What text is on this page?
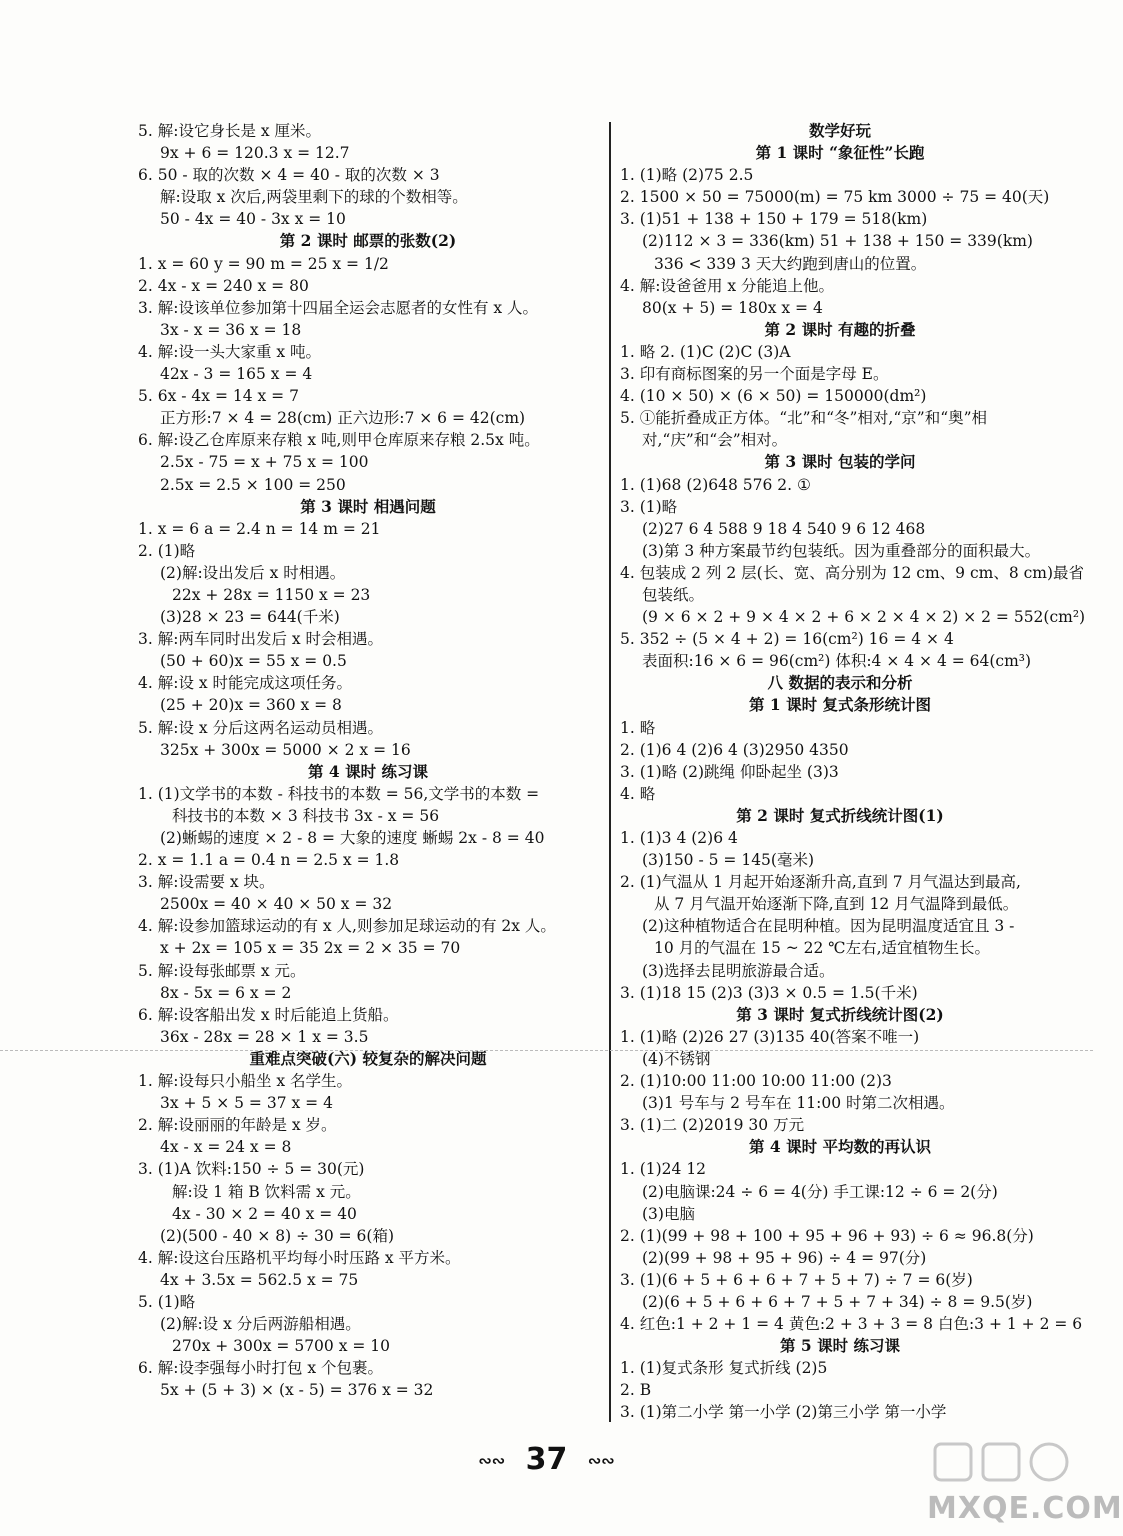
5. 解:设它身长是 x 厘米。
9x + 6 = 120.3 x = 12.7
6. 50 - 取的次数 × 4 = 40 - 取的次数 × 3
解:设取 x 次后,两袋里剩下的球的个数相等。
50 - 4x = 40 - 3x x = 10
第 2 课时 邮票的张数(2)
1. x = 60 y = 90 m = 25 x = 1/2
2. 4x - x = 240 x = 80
3. 解:设该单位参加第十四届全运会志愿者的女性有 x 人。
3x - x = 36 x = 18
4. 解:设一头大家重 x 吨。
42x - 3 = 165 x = 4
5. 6x - 4x = 14 x = 7
正方形:7 × 4 = 28(cm) 正六边形:7 × 6 = 42(cm)
6. 解:设乙仓库原来存粮 x 吨,则甲仓库原来存粮 2.5x 吨。
2.5x - 75 = x + 75 x = 100
2.5x = 2.5 × 100 = 250
第 3 课时 相遇问题
1. x = 6 a = 2.4 n = 14 m = 21
2. (1)略
(2)解:设出发后 x 时相遇。
22x + 28x = 1150 x = 23
(3)28 × 23 = 644(千米)
3. 解:两车同时出发后 x 时会相遇。
(50 + 60)x = 55 x = 0.5
4. 解:设 x 时能完成这项任务。
(25 + 20)x = 360 x = 8
5. 解:设 x 分后这两名运动员相遇。
325x + 300x = 5000 × 2 x = 16
第 4 课时 练习课
1. (1)文学书的本数 - 科技书的本数 = 56,文学书的本数 =
科技书的本数 × 3 科技书 3x - x = 56
(2)蜥蜴的速度 × 2 - 8 = 大象的速度 蜥蜴 2x - 8 = 40
2. x = 1.1 a = 0.4 n = 2.5 x = 1.8
3. 解:设需要 x 块。
2500x = 40 × 40 × 50 x = 32
4. 解:设参加篮球运动的有 x 人,则参加足球运动的有 2x 人。
x + 2x = 105 x = 35 2x = 2 × 35 = 70
5. 解:设每张邮票 x 元。
8x - 5x = 6 x = 2
6. 解:设客船出发 x 时后能追上货船。
36x - 28x = 28 × 1 x = 3.5
重难点突破(六) 较复杂的解决问题
1. 解:设每只小船坐 x 名学生。
3x + 5 × 5 = 37 x = 4
2. 解:设丽丽的年龄是 x 岁。
4x - x = 24 x = 8
3. (1)A 饮料:150 ÷ 5 = 30(元)
解:设 1 箱 B 饮料需 x 元。
4x - 30 × 2 = 40 x = 40
(2)(500 - 40 × 8) ÷ 30 = 6(箱)
4. 解:设这台压路机平均每小时压路 x 平方米。
4x + 3.5x = 562.5 x = 75
5. (1)略
(2)解:设 x 分后两游船相遇。
270x + 300x = 5700 x = 10
6. 解:设李强每小时打包 x 个包裹。
5x + (5 + 3) × (x - 5) = 376 x = 32
数学好玩
第 1 课时 “象征性”长跑
1. (1)略 (2)75 2.5
2. 1500 × 50 = 75000(m) = 75 km 3000 ÷ 75 = 40(天)
3. (1)51 + 138 + 150 + 179 = 518(km)
(2)112 × 3 = 336(km) 51 + 138 + 150 = 339(km)
336 < 339 3 天大约跑到唐山的位置。
4. 解:设爸爸用 x 分能追上他。
80(x + 5) = 180x x = 4
第 2 课时 有趣的折叠
1. 略 2. (1)C (2)C (3)A
3. 印有商标图案的另一个面是字母 E。
4. (10 × 50) × (6 × 50) = 150000(dm²)
5. ①能折叠成正方体。“北”和“冬”相对,“京”和“奥”相
对,“庆”和“会”相对。
第 3 课时 包装的学问
1. (1)68 (2)648 576 2. ①
3. (1)略
(2)27 6 4 588 9 18 4 540 9 6 12 468
(3)第 3 种方案最节约包装纸。因为重叠部分的面积最大。
4. 包装成 2 列 2 层(长、宽、高分别为 12 cm、9 cm、8 cm)最省
包装纸。
(9 × 6 × 2 + 9 × 4 × 2 + 6 × 2 × 4 × 2) × 2 = 552(cm²)
5. 352 ÷ (5 × 4 + 2) = 16(cm²) 16 = 4 × 4
表面积:16 × 6 = 96(cm²) 体积:4 × 4 × 4 = 64(cm³)
八 数据的表示和分析
第 1 课时 复式条形统计图
1. 略
2. (1)6 4 (2)6 4 (3)2950 4350
3. (1)略 (2)跳绳 仰卧起坐 (3)3
4. 略
第 2 课时 复式折线统计图(1)
1. (1)3 4 (2)6 4
(3)150 - 5 = 145(毫米)
2. (1)气温从 1 月起开始逐渐升高,直到 7 月气温达到最高,
从 7 月气温开始逐渐下降,直到 12 月气温降到最低。
(2)这种植物适合在昆明种植。因为昆明温度适宜且 3 -
10 月的气温在 15 ~ 22 ℃左右,适宜植物生长。
(3)选择去昆明旅游最合适。
3. (1)18 15 (2)3 (3)3 × 0.5 = 1.5(千米)
第 3 课时 复式折线统计图(2)
1. (1)略 (2)26 27 (3)135 40(答案不唯一)
(4)不锈钢
2. (1)10:00 11:00 10:00 11:00 (2)3
(3)1 号车与 2 号车在 11:00 时第二次相遇。
3. (1)二 (2)2019 30 万元
第 4 课时 平均数的再认识
1. (1)24 12
(2)电脑课:24 ÷ 6 = 4(分) 手工课:12 ÷ 6 = 2(分)
(3)电脑
2. (1)(99 + 98 + 100 + 95 + 96 + 93) ÷ 6 ≈ 96.8(分)
(2)(99 + 98 + 95 + 96) ÷ 4 = 97(分)
3. (1)(6 + 5 + 6 + 6 + 7 + 5 + 7) ÷ 7 = 6(岁)
(2)(6 + 5 + 6 + 6 + 7 + 5 + 7 + 34) ÷ 8 = 9.5(岁)
4. 红色:1 + 2 + 1 = 4 黄色:2 + 3 + 3 = 8 白色:3 + 1 + 2 = 6
第 5 课时 练习课
1. (1)复式条形 复式折线 (2)5
2. B
3. (1)第二小学 第一小学 (2)第三小学 第一小学
∾∾ 37 ∾∾
MXQE.COM
